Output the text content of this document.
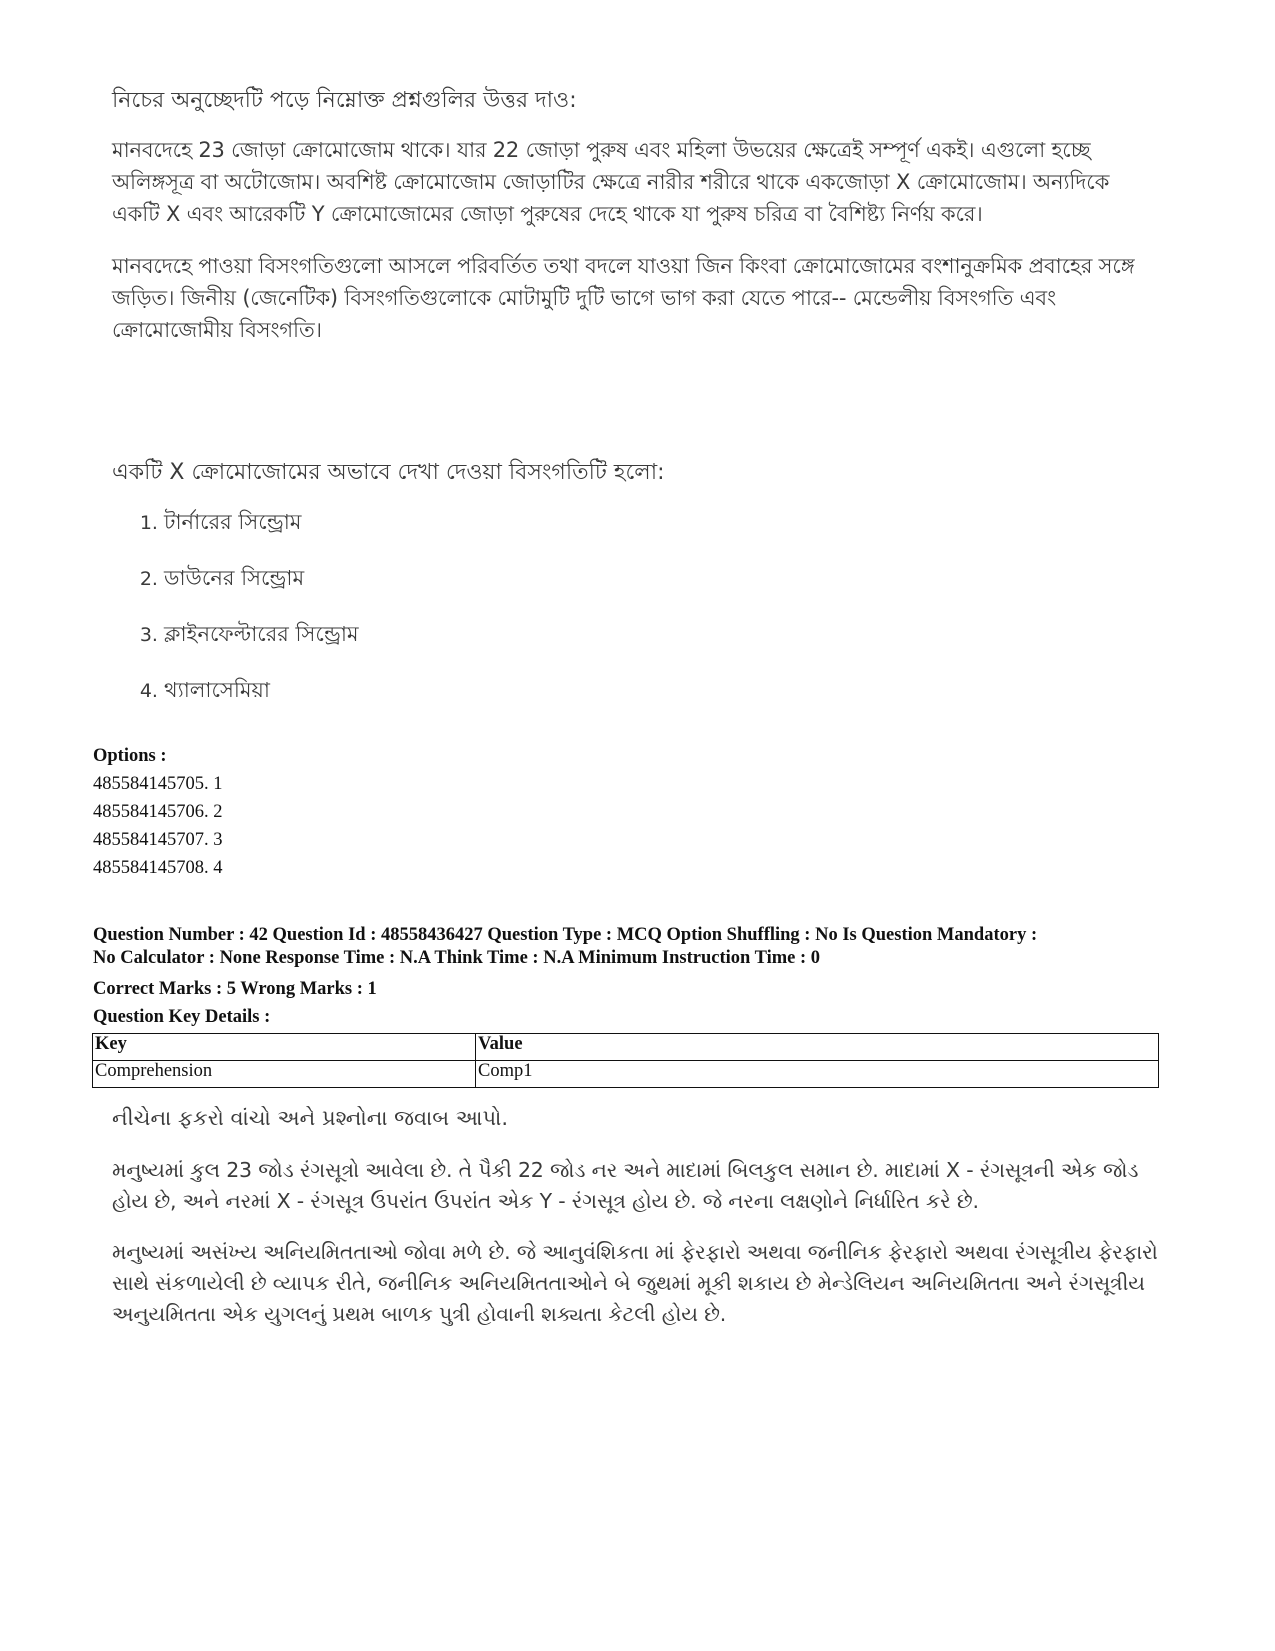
নিচের অনুচ্ছেদটি পড়ে নিম্নোক্ত প্রশ্নগুলির উত্তর দাও:

মানবদেহে 23 জোড়া ক্রোমোজোম থাকে। যার 22 জোড়া পুরুষ এবং মহিলা উভয়ের ক্ষেত্রেই সম্পূর্ণ একই। এগুলো হচ্ছে অলিঙ্গসূত্র বা অটোজোম। অবশিষ্ট ক্রোমোজোম জোড়াটির ক্ষেত্রে নারীর শরীরে থাকে একজোড়া X ক্রোমোজোম। অন্যদিকে একটি X এবং আরেকটি Y ক্রোমোজোমের জোড়া পুরুষের দেহে থাকে যা পুরুষ চরিত্র বা বৈশিষ্ট্য নির্ণয় করে।

মানবদেহে পাওয়া বিসংগতিগুলো আসলে পরিবর্তিত তথা বদলে যাওয়া জিন কিংবা ক্রোমোজোমের বংশানুক্রমিক প্রবাহের সঙ্গে জড়িত। জিনীয় (জেনেটিক) বিসংগতিগুলোকে মোটামুটি দুটি ভাগে ভাগ করা যেতে পারে-- মেন্ডেলীয় বিসংগতি এবং ক্রোমোজোমীয় বিসংগতি।

একটি X ক্রোমোজোমের অভাবে দেখা দেওয়া বিসংগতিটি হলো:

1. টার্নারের সিন্ড্রোম
2. ডাউনের সিন্ড্রোম
3. ক্লাইনফেল্টারের সিন্ড্রোম
4. থ্যালাসেমিয়া
Options :
485584145705. 1
485584145706. 2
485584145707. 3
485584145708. 4
Question Number : 42 Question Id : 48558436427 Question Type : MCQ Option Shuffling : No Is Question Mandatory :
No Calculator : None Response Time : N.A Think Time : N.A Minimum Instruction Time : 0
Correct Marks : 5 Wrong Marks : 1
Question Key Details :
Key	Value
Comprehension	Comp1

નીચેના ફકરો વાંચો અને પ્રશ્નોના જવાબ આપો.

મનુષ્યમાં કુલ 23 જોડ રંગસૂત્રો આવેલા છે. તે પૈકી 22 જોડ નર અને માદામાં બિલકુલ સમાન છે. માદામાં X - રંગસૂત્રની એક જોડ હોય છે, અને નરમાં X - રંગસૂત્ર ઉપરાંત ઉપરાંત એક Y - રંગસૂત્ર હોય છે. જે નરના લક્ષણોને નિર્ધારિત કરે છે.

મનુષ્યમાં અસંખ્ય અનિયમિતતાઓ જોવા મળે છે. જે આનુવંશિકતા માં ફેરફારો અથવા જનીનિક ફેરફારો અથવા રંગસૂત્રીય ફેરફારો સાથે સંકળાયેલી છે વ્યાપક રીતે, જનીનિક અનિયમિતતાઓને બે જુથમાં મૂકી શકાય છે મેન્ડેલિયન અનિયમિતતા અને રંગસૂત્રીય અનુયમિતતા એક યુગલનું પ્રથમ બાળક પુત્રી હોવાની શક્યતા કેટલી હોય છે.
